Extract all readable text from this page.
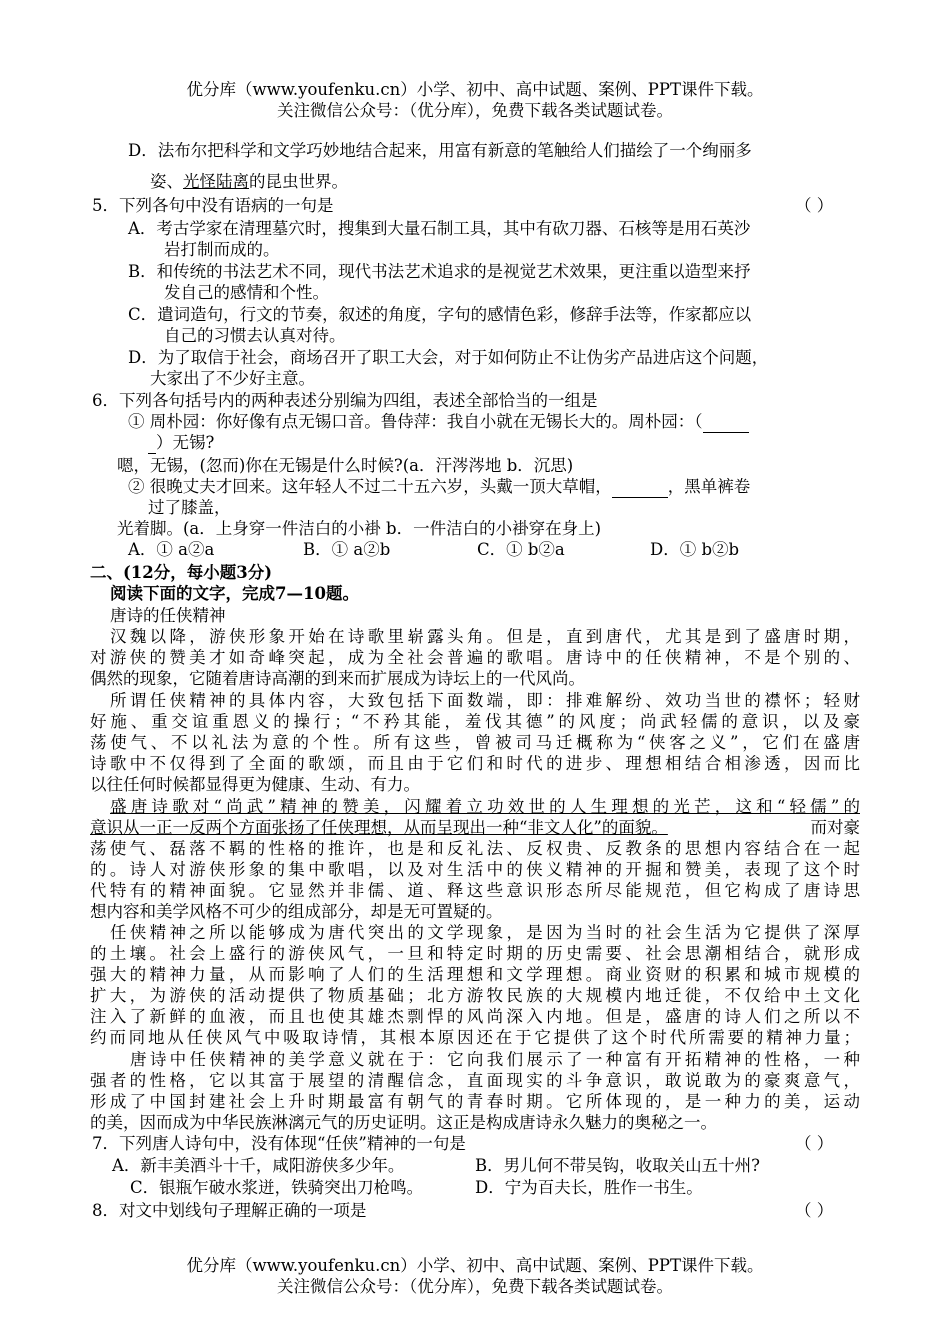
优分库（www.youfenku.cn）小学、初中、高中试题、案例、PPT课件下载。
关注微信公众号：（优分库），免费下载各类试题试卷。
D．法布尔把科学和文学巧妙地结合起来，用富有新意的笔触给人们描绘了一个绚丽多
姿、光怪陆离的昆虫世界。
5．下列各句中没有语病的一句是	（ ）
A．考古学家在清理墓穴时，搜集到大量石制工具，其中有砍刀器、石核等是用石英沙
岩打制而成的。
B．和传统的书法艺术不同，现代书法艺术追求的是视觉艺术效果，更注重以造型来抒
发自己的感情和个性。
C．遣词造句，行文的节奏，叙述的角度，字句的感情色彩，修辞手法等，作家都应以
自己的习惯去认真对待。
D．为了取信于社会，商场召开了职工大会，对于如何防止不让伪劣产品进店这个问题，
大家出了不少好主意。
6．下列各句括号内的两种表述分别编为四组，表述全部恰当的一组是
① 周朴园：你好像有点无锡口音。鲁侍萍：我自小就在无锡长大的。周朴园：（
）无锡?
嗯，无锡，(忽而)你在无锡是什么时候?(a．汗涔涔地 b．沉思)
② 很晚丈夫才回来。这年轻人不过二十五六岁，头戴一顶大草帽，	，黑单裤卷
过了膝盖，
光着脚。(a．上身穿一件洁白的小褂 b．一件洁白的小褂穿在身上)
A．① a②a	B．① a②b	C．① b②a	D．① b②b
二、(12分，每小题3分)
阅读下面的文字，完成7—10题。
唐诗的任侠精神
汉魏以降，游侠形象开始在诗歌里崭露头角。但是，直到唐代，尤其是到了盛唐时期，
对游侠的赞美才如奇峰突起，成为全社会普遍的歌唱。唐诗中的任侠精神，不是个别的、
偶然的现象，它随着唐诗高潮的到来而扩展成为诗坛上的一代风尚。
所谓任侠精神的具体内容，大致包括下面数端，即：排难解纷、效功当世的襟怀；轻财
好施、重交谊重恩义的操行；“不矜其能，羞伐其德”的风度；尚武轻儒的意识，以及豪
荡使气、不以礼法为意的个性。所有这些，曾被司马迁概称为“侠客之义”，它们在盛唐
诗歌中不仅得到了全面的歌颂，而且由于它们和时代的进步、理想相结合相渗透，因而比
以往任何时候都显得更为健康、生动、有力。
盛唐诗歌对“尚武”精神的赞美，闪耀着立功效世的人生理想的光芒，这和“轻儒”的
意识从一正一反两个方面张扬了任侠理想，从而呈现出一种“非文人化”的面貌。	而对豪
荡使气、磊落不羁的性格的推许，也是和反礼法、反权贵、反教条的思想内容结合在一起
的。诗人对游侠形象的集中歌唱，以及对生活中的侠义精神的开掘和赞美，表现了这个时
代特有的精神面貌。它显然并非儒、道、释这些意识形态所尽能规范，但它构成了唐诗思
想内容和美学风格不可少的组成部分，却是无可置疑的。
任侠精神之所以能够成为唐代突出的文学现象，是因为当时的社会生活为它提供了深厚
的土壤。社会上盛行的游侠风气，一旦和特定时期的历史需要、社会思潮相结合，就形成
强大的精神力量，从而影响了人们的生活理想和文学理想。商业资财的积累和城市规模的
扩大，为游侠的活动提供了物质基础；北方游牧民族的大规模内地迁徙，不仅给中土文化
注入了新鲜的血液，而且也使其雄杰剽悍的风尚深入内地。但是，盛唐的诗人们之所以不
约而同地从任侠风气中吸取诗情，其根本原因还在于它提供了这个时代所需要的精神力量；
唐诗中任侠精神的美学意义就在于：它向我们展示了一种富有开拓精神的性格，一种
强者的性格，它以其富于展望的清醒信念，直面现实的斗争意识，敢说敢为的豪爽意气，
形成了中国封建社会上升时期最富有朝气的青春时期。它所体现的，是一种力的美，运动
的美，因而成为中华民族淋漓元气的历史证明。这正是构成唐诗永久魅力的奥秘之一。
7．下列唐人诗句中，没有体现“任侠”精神的一句是	（ ）
A．新丰美酒斗十千，咸阳游侠多少年。	B．男儿何不带吴钩，收取关山五十州?
C．银瓶乍破水浆迸，铁骑突出刀枪鸣。	D．宁为百夫长，胜作一书生。
8．对文中划线句子理解正确的一项是	（ ）
优分库（www.youfenku.cn）小学、初中、高中试题、案例、PPT课件下载。
关注微信公众号：（优分库），免费下载各类试题试卷。
